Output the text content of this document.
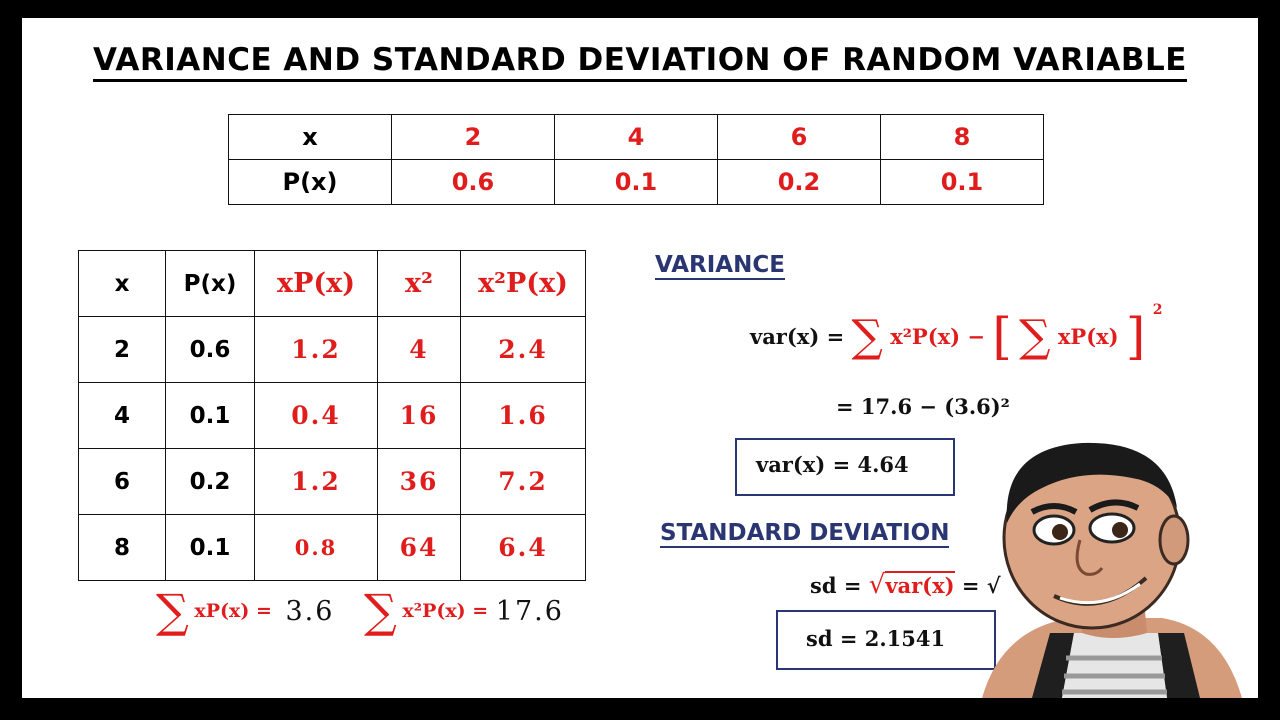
VARIANCE AND STANDARD DEVIATION OF RANDOM VARIABLE
x	2	4	6	8
P(x)	0.6	0.1	0.2	0.1
x	P(x)	xP(x)	x²	x²P(x)
2	0.6	1.2	4	2.4
4	0.1	0.4	16	1.6
6	0.2	1.2	36	7.2
8	0.1	0.8	64	6.4
∑ xP(x) = 3.6 ∑ x²P(x) = 17.6
VARIANCE
var(x) = ∑ x²P(x) − [ ∑ xP(x) ] $^2$
= 17.6 − (3.6)²
var(x) = 4.64
STANDARD DEVIATION
sd = √var(x) = √
sd = 2.1541
